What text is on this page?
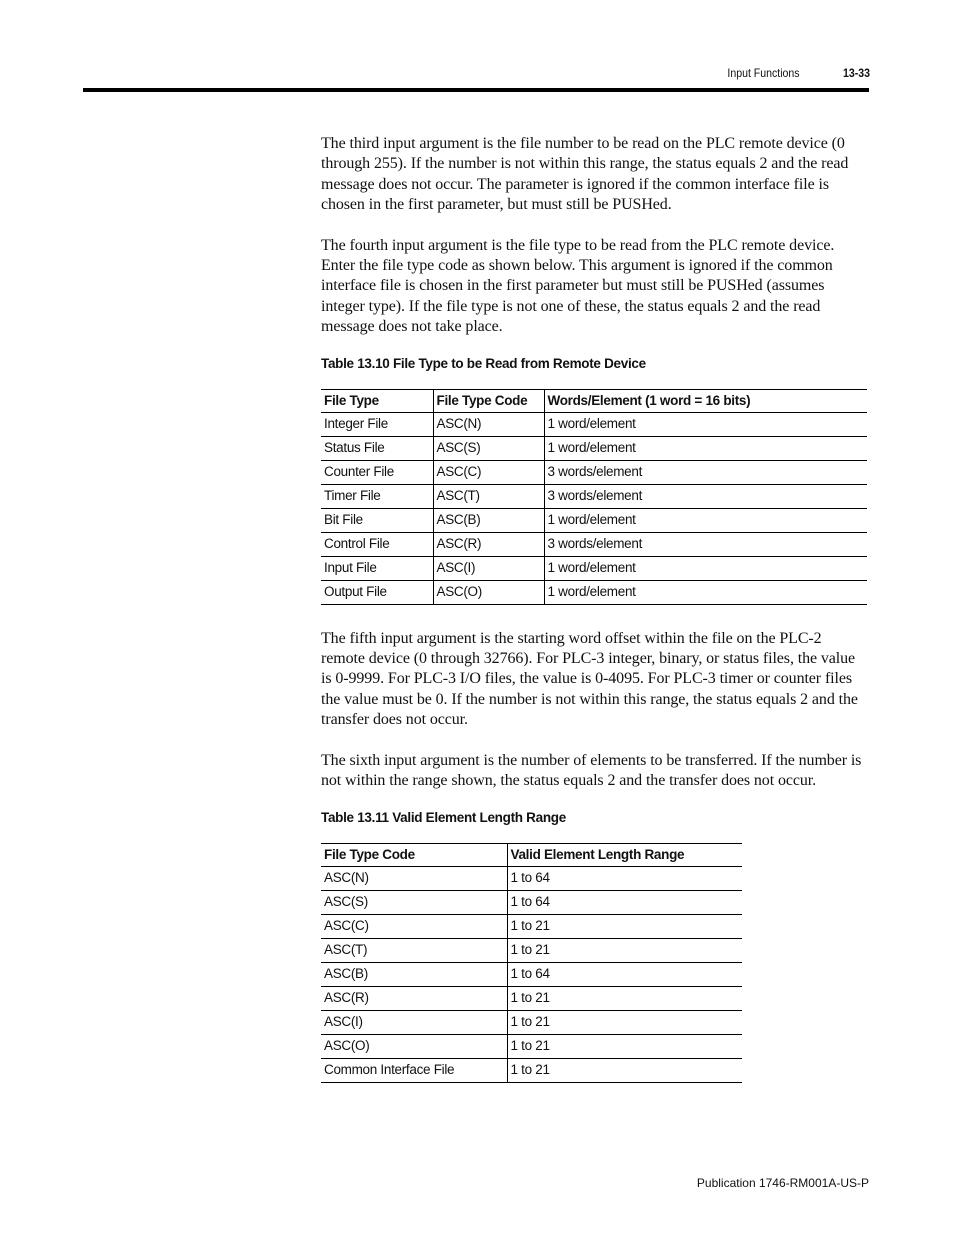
Input Functions	13-33

The third input argument is the file number to be read on the PLC remote device (0 through 255). If the number is not within this range, the status equals 2 and the read message does not occur. The parameter is ignored if the common interface file is chosen in the first parameter, but must still be PUSHed.

The fourth input argument is the file type to be read from the PLC remote device. Enter the file type code as shown below. This argument is ignored if the common interface file is chosen in the first parameter but must still be PUSHed (assumes integer type). If the file type is not one of these, the status equals 2 and the read message does not take place.

Table 13.10 File Type to be Read from Remote Device
File Type	File Type Code	Words/Element (1 word = 16 bits)
Integer File	ASC(N)	1 word/element
Status File	ASC(S)	1 word/element
Counter File	ASC(C)	3 words/element
Timer File	ASC(T)	3 words/element
Bit File	ASC(B)	1 word/element
Control File	ASC(R)	3 words/element
Input File	ASC(I)	1 word/element
Output File	ASC(O)	1 word/element

The fifth input argument is the starting word offset within the file on the PLC-2 remote device (0 through 32766). For PLC-3 integer, binary, or status files, the value is 0-9999. For PLC-3 I/O files, the value is 0-4095. For PLC-3 timer or counter files the value must be 0. If the number is not within this range, the status equals 2 and the transfer does not occur.

The sixth input argument is the number of elements to be transferred. If the number is not within the range shown, the status equals 2 and the transfer does not occur.

Table 13.11 Valid Element Length Range
File Type Code	Valid Element Length Range
ASC(N)	1 to 64
ASC(S)	1 to 64
ASC(C)	1 to 21
ASC(T)	1 to 21
ASC(B)	1 to 64
ASC(R)	1 to 21
ASC(I)	1 to 21
ASC(O)	1 to 21
Common Interface File	1 to 21
Publication 1746-RM001A-US-P
